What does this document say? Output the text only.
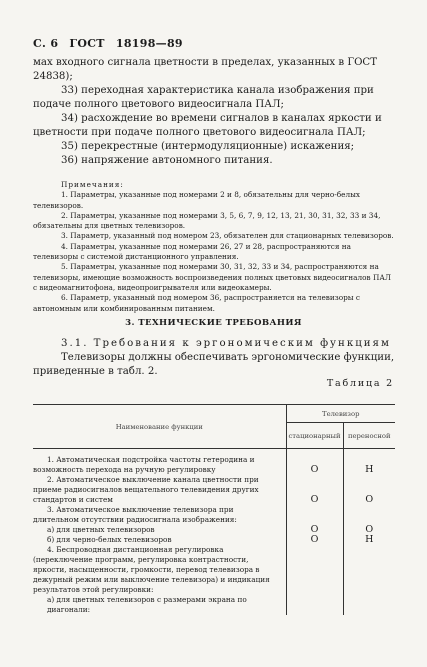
С. 6 ГОСТ 18198—89

мах входного сигнала цветности в пределах, указанных в ГОСТ 24838);

33) переходная характеристика канала изображения при подаче полного цветового видеосигнала ПАЛ;

34) расхождение во времени сигналов в каналах яркости и цветности при подаче полного цветового видеосигнала ПАЛ;

35) перекрестные (интермодуляционные) искажения;

36) напряжение автономного питания.

Примечания:

1. Параметры, указанные под номерами 2 и 8, обязательны для черно-белых телевизоров.

2. Параметры, указанные под номерами 3, 5, 6, 7, 9, 12, 13, 21, 30, 31, 32, 33 и 34, обязательны для цветных телевизоров.

3. Параметр, указанный под номером 23, обязателен для стационарных телевизоров.

4. Параметры, указанные под номерами 26, 27 и 28, распространяются на телевизоры с системой дистанционного управления.

5. Параметры, указанные под номерами 30, 31, 32, 33 и 34, распространяются на телевизоры, имеющие возможность воспроизведения полных цветовых видеосигналов ПАЛ с видеомагнитофона, видеопроигрывателя или видеокамеры.

6. Параметр, указанный под номером 36, распространяется на телевизоры с автономным или комбинированным питанием.

3. ТЕХНИЧЕСКИЕ ТРЕБОВАНИЯ

3.1. Требования к эргономическим функциям

Телевизоры должны обеспечивать эргономические функции, приведенные в табл. 2.

Таблица 2
Наименование функции	Телевизор	
	стационарный	переносной

1. Автоматическая подстройка частоты гетеродина и возможность перехода на ручную регулировку	О	Н
2. Автоматическое выключение канала цветности при приеме радиосигналов вещательного телевидения других стандартов и систем	О	О
3. Автоматическое выключение телевизора при длительном отсутствии радиосигнала изображения:		
а) для цветных телевизоров	О	О
б) для черно-белых телевизоров	О	Н
4. Беспроводная дистанционная регулировка (переключение программ, регулировка контрастности, яркости, насыщенности, громкости, перевод телевизора в дежурный режим или выключение телевизора) и индикация результатов этой регулировки:		
а) для цветных телевизоров с размерами экрана по диагонали:		
